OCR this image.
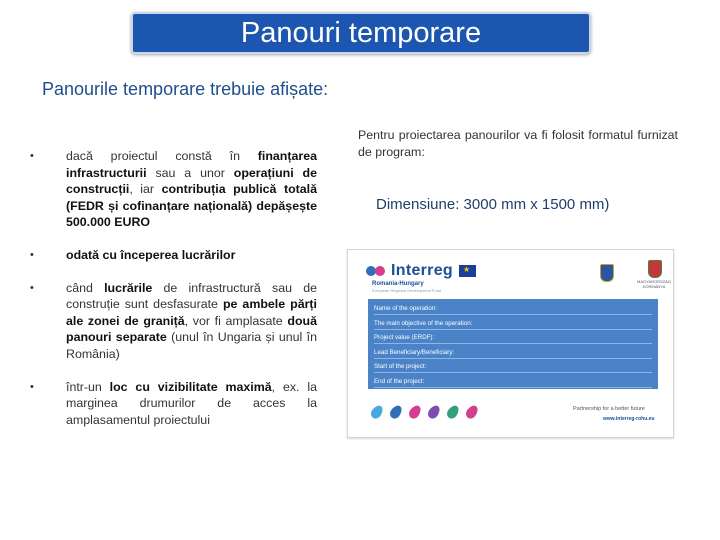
Panouri temporare
Panourile temporare trebuie afișate:
•	dacă proiectul constă în finanțarea infrastructurii sau a unor operațiuni de construcții, iar contribuția publică totală (FEDR și cofinanțare națională) depășește 500.000 EURO
•	odată cu începerea lucrărilor
•	când lucrările de infrastructură sau de construție sunt desfasurate pe ambele părți ale zonei de graniță, vor fi amplasate două panouri separate (unul în Ungaria și unul în România)
•	într-un loc cu vizibilitate maximă, ex. la marginea drumurilor de acces la amplasamentul proiectului
Pentru proiectarea panourilor va fi folosit formatul furnizat de program:
Dimensiune: 3000 mm x 1500 mm)
Interreg
★
Romania-Hungary
European Regional Development Fund
MAGYARORSZÁG KORMÁNYA
Name of the operation:
The main objective of the operation:
Project value (ERDF):
Lead Beneficiary/Beneficiary:
Start of the project:
End of the project:
Partnership for a better future
www.interreg-rohu.eu
